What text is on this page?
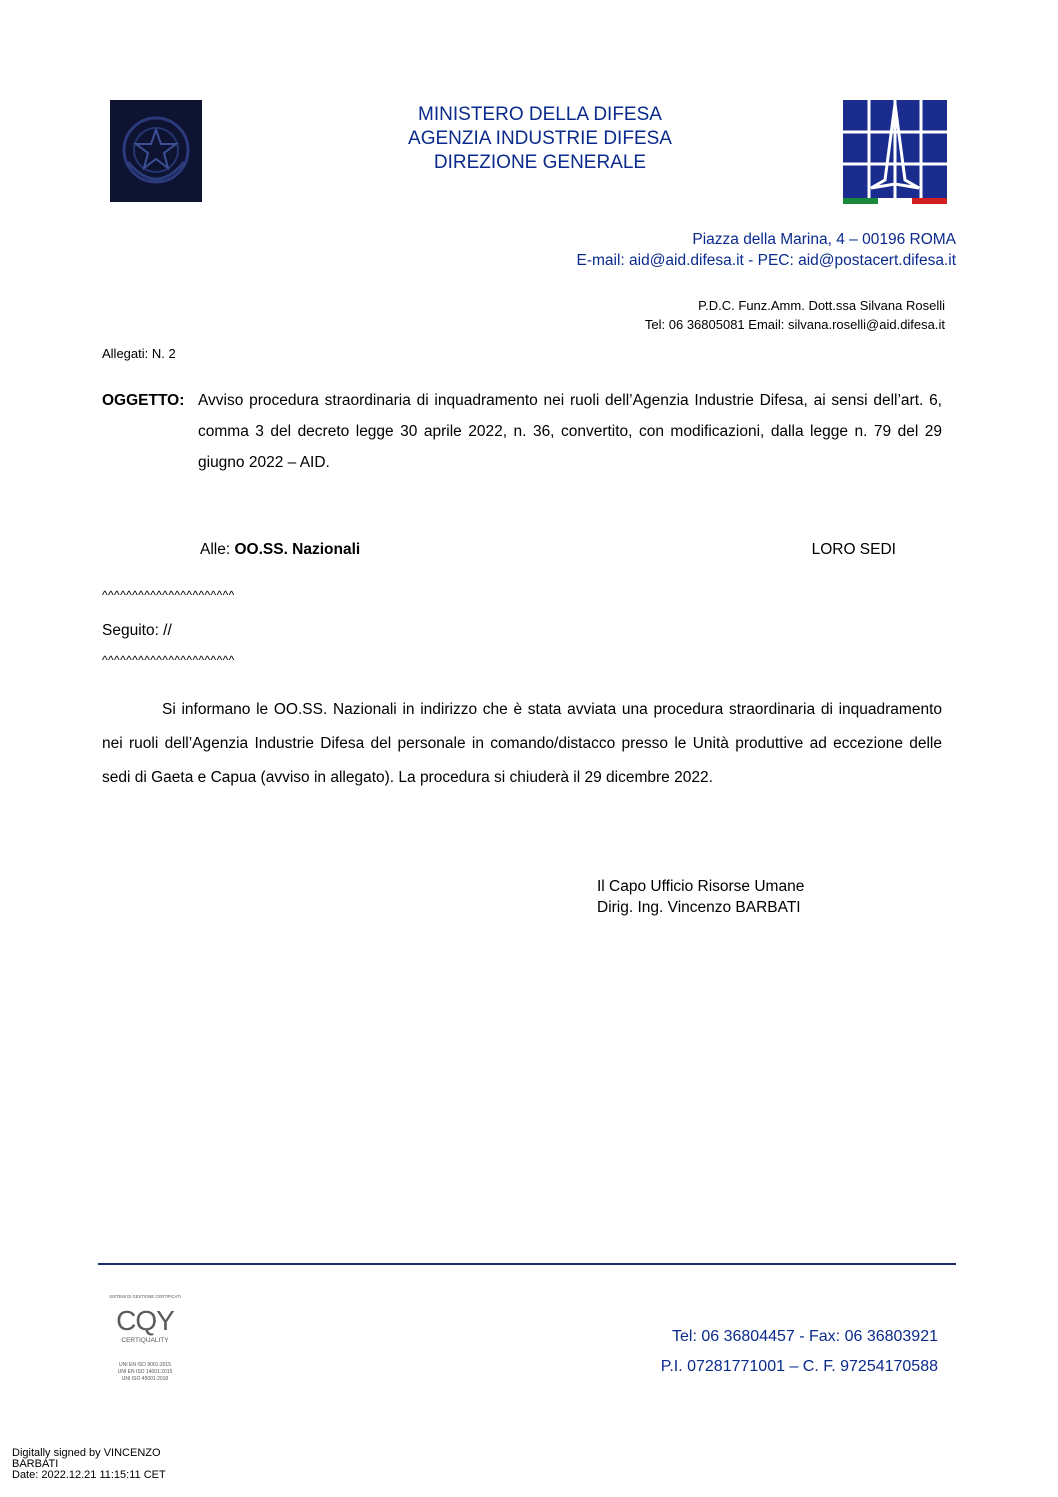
MINISTERO DELLA DIFESA
AGENZIA INDUSTRIE DIFESA
DIREZIONE GENERALE
Piazza della Marina, 4 – 00196 ROMA
E-mail: aid@aid.difesa.it - PEC: aid@postacert.difesa.it
P.D.C. Funz.Amm. Dott.ssa Silvana Roselli
Tel: 06 36805081 Email: silvana.roselli@aid.difesa.it
Allegati: N. 2
OGGETTO: Avviso procedura straordinaria di inquadramento nei ruoli dell’Agenzia Industrie Difesa, ai sensi dell’art. 6, comma 3 del decreto legge 30 aprile 2022, n. 36, convertito, con modificazioni, dalla legge n. 79 del 29 giugno 2022 – AID.
Alle: OO.SS. Nazionali	LORO SEDI
^^^^^^^^^^^^^^^^^^^^^^
Seguito: //
^^^^^^^^^^^^^^^^^^^^^^
Si informano le OO.SS. Nazionali in indirizzo che è stata avviata una procedura straordinaria di inquadramento nei ruoli dell’Agenzia Industrie Difesa del personale in comando/distacco presso le Unità produttive ad eccezione delle sedi di Gaeta e Capua (avviso in allegato). La procedura si chiuderà il 29 dicembre 2022.
Il Capo Ufficio Risorse Umane
Dirig. Ing. Vincenzo BARBATI
SISTEMI DI GESTIONE CERTIFICATI
CQY
CERTIQUALITY
UNI EN ISO 9001:2015
UNI EN ISO 14001:2015
UNI ISO 45001:2018
Tel: 06 36804457 - Fax: 06 36803921
P.I. 07281771001 – C. F. 97254170588
Digitally signed by VINCENZO
BARBATI
Date: 2022.12.21 11:15:11 CET
